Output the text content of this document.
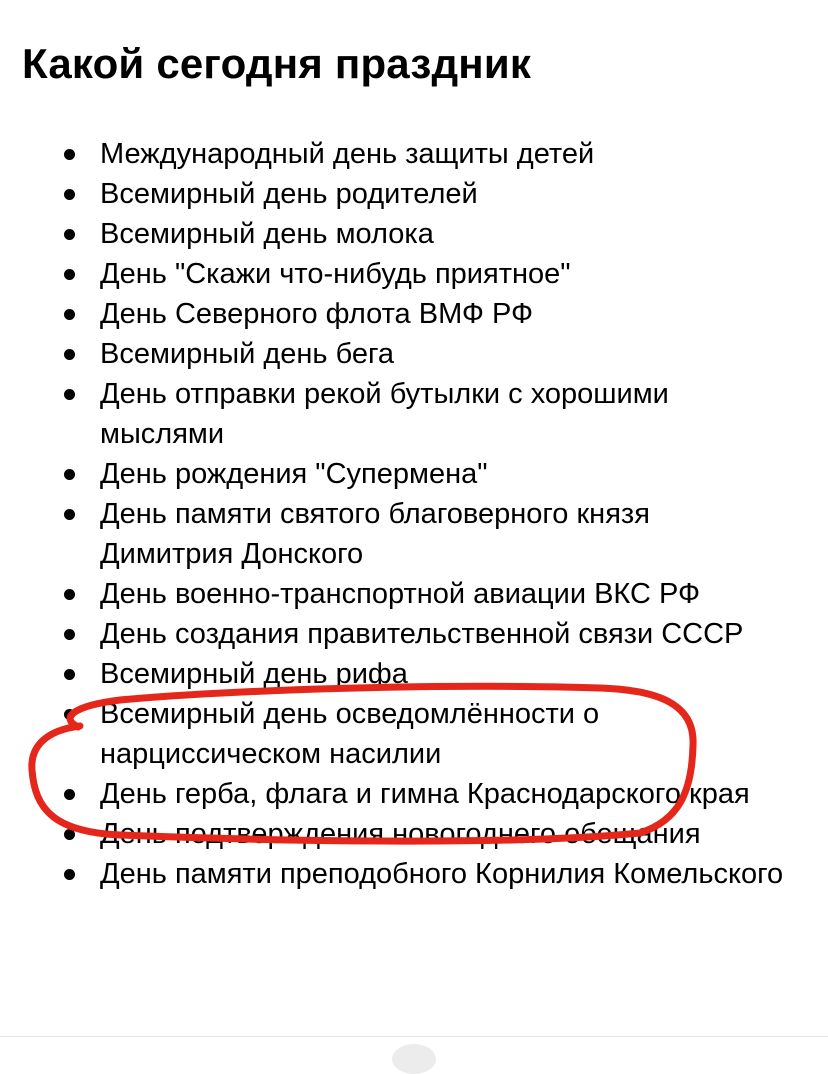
Какой сегодня праздник
Международный день защиты детей
Всемирный день родителей
Всемирный день молока
День "Скажи что-нибудь приятное"
День Северного флота ВМФ РФ
Всемирный день бега
День отправки рекой бутылки с хорошими мыслями
День рождения "Супермена"
День памяти святого благоверного князя Димитрия Донского
День военно-транспортной авиации ВКС РФ
День создания правительственной связи СССР
Всемирный день рифа
Всемирный день осведомлённости о нарциссическом насилии
День герба, флага и гимна Краснодарского края
День подтверждения новогоднего обещания
День памяти преподобного Корнилия Комельского
